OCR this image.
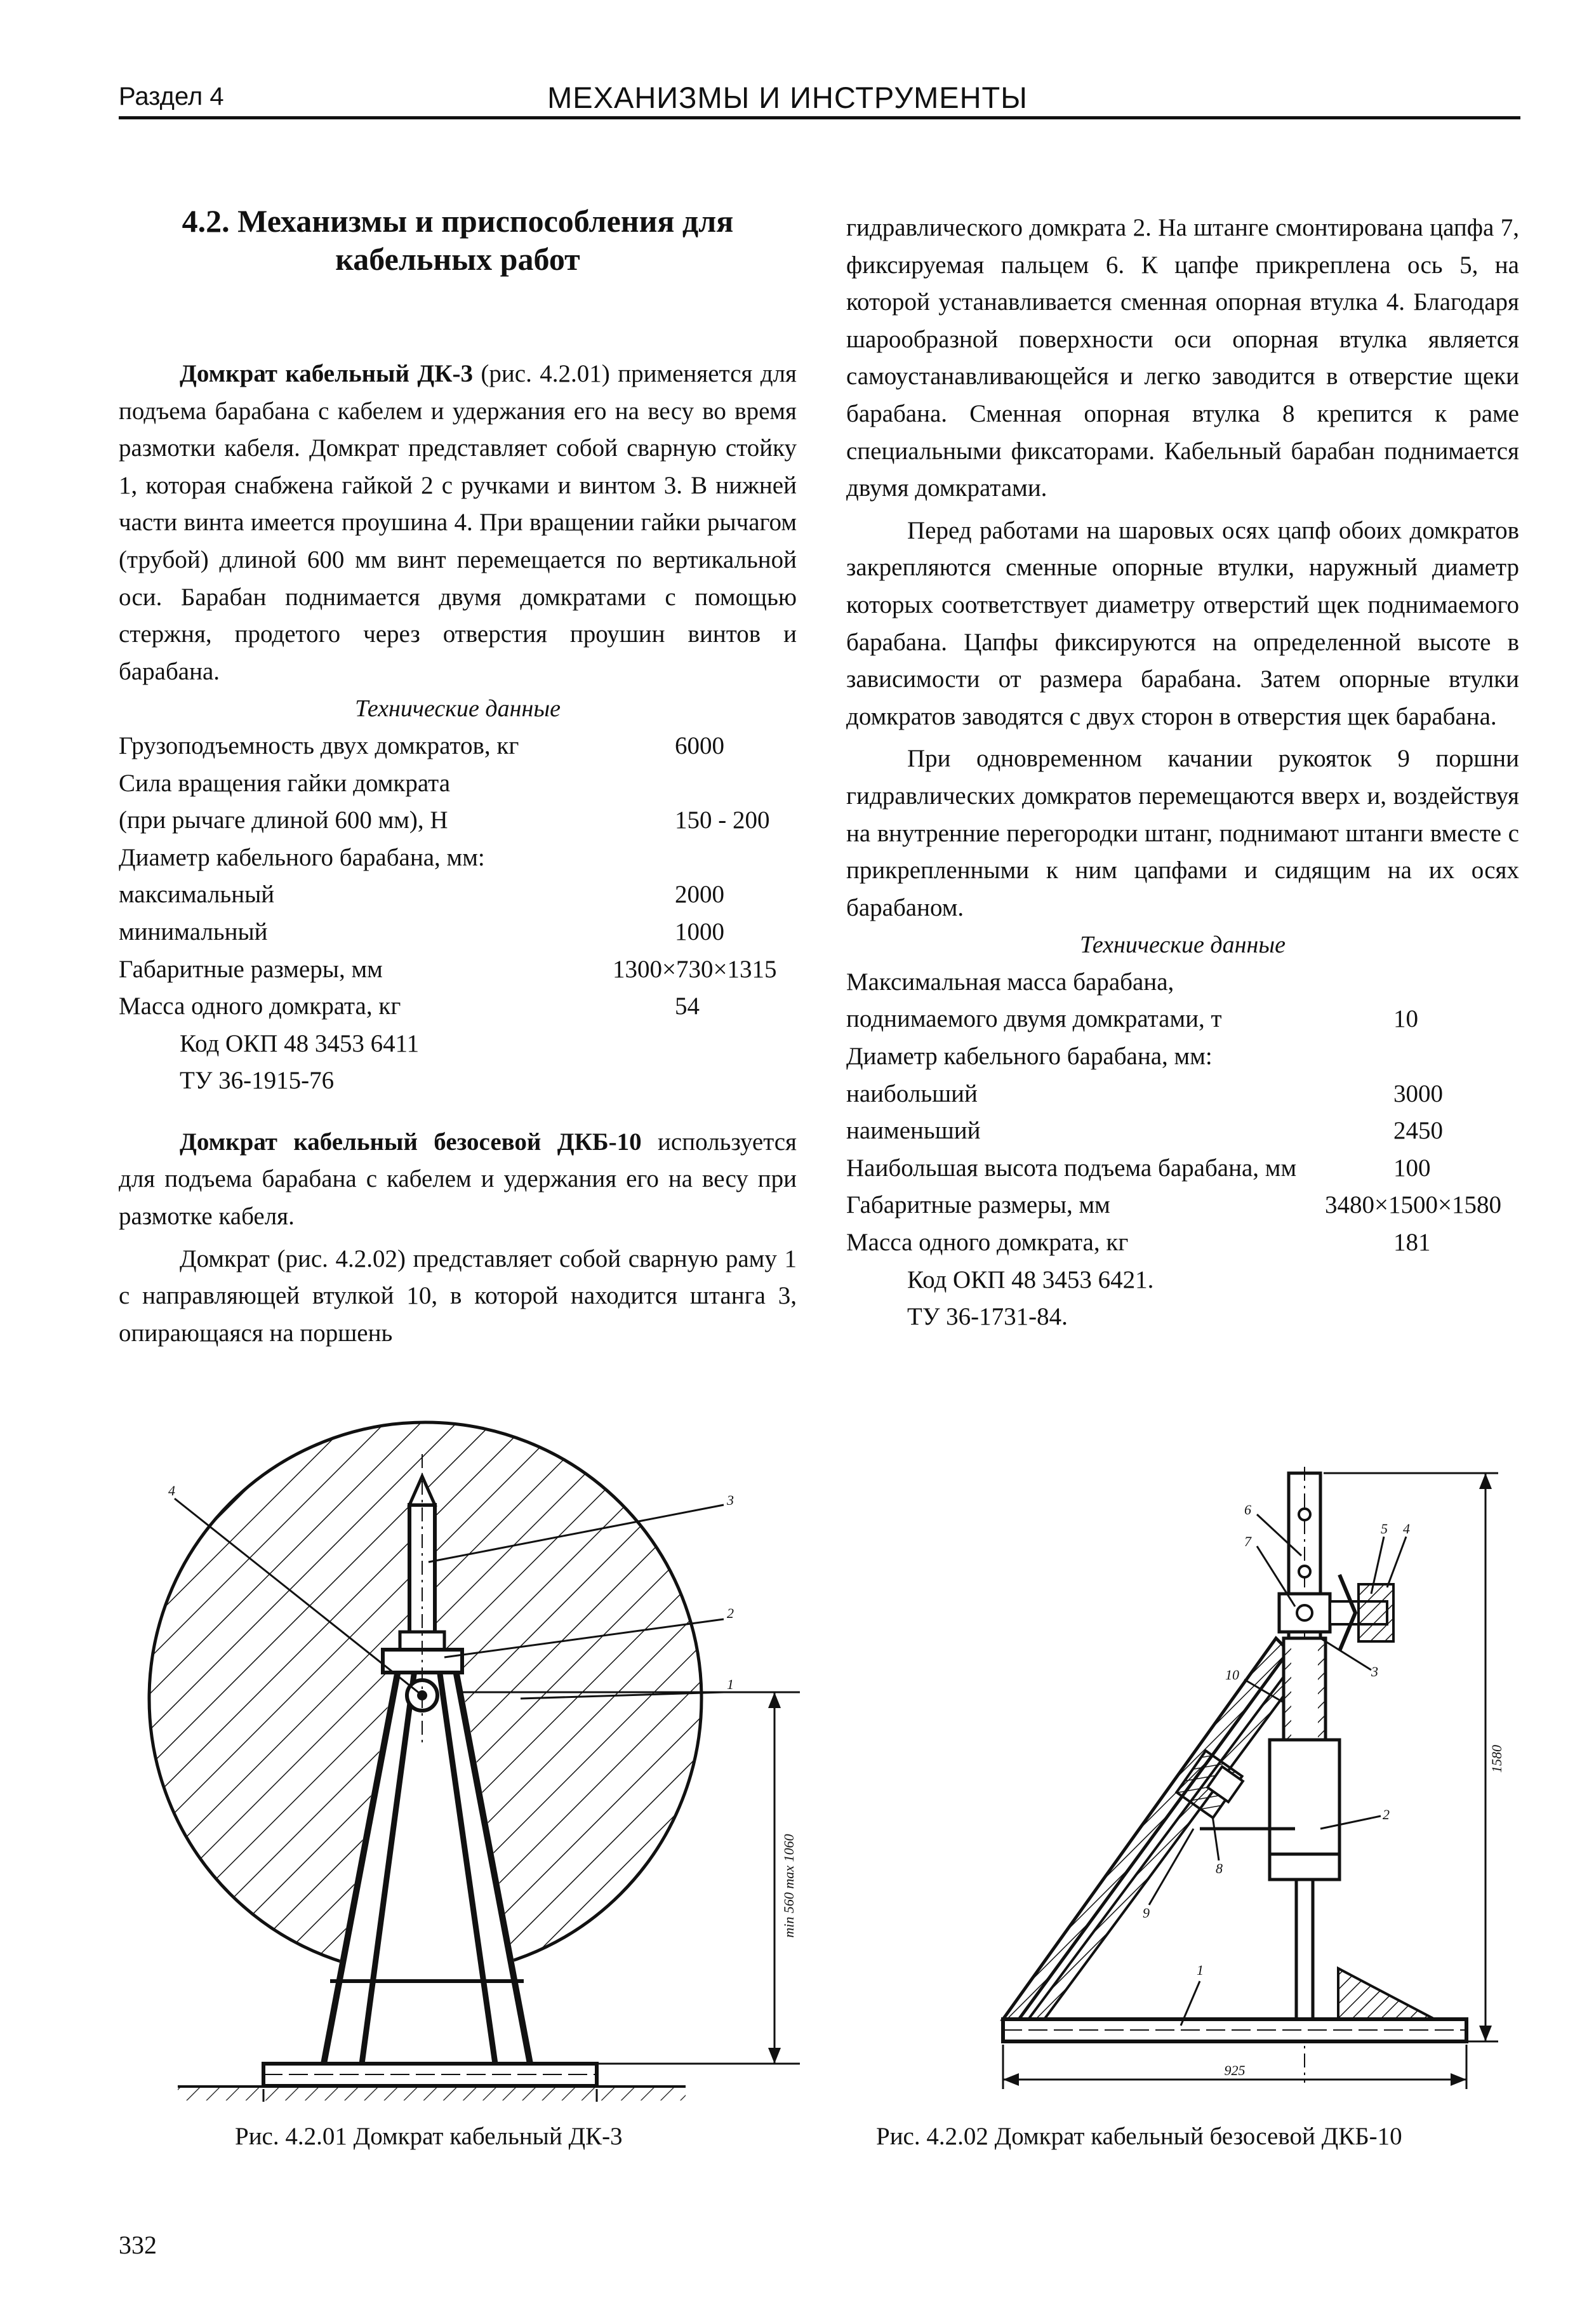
Раздел 4	МЕХАНИЗМЫ И ИНСТРУМЕНТЫ
4.2. Механизмы и приспособления для
кабельных работ

Домкрат кабельный ДК-3 (рис. 4.2.01) применяется для подъема барабана с кабелем и удержания его на весу во время размотки кабеля. Домкрат представляет собой сварную стойку 1, которая снабжена гайкой 2 с ручками и винтом 3. В нижней части винта имеется проушина 4. При вращении гайки рычагом (трубой) длиной 600 мм винт перемещается по вертикальной оси. Барабан поднимается двумя домкратами с помощью стержня, продетого через отверстия проушин винтов и барабана.

Технические данные
Грузоподъемность двух домкратов, кг	6000
Сила вращения гайки домкрата
(при рычаге длиной 600 мм), Н	150 - 200
Диаметр кабельного барабана, мм:
максимальный	2000
минимальный	1000
Габаритные размеры, мм	1300×730×1315
Масса одного домкрата, кг	54
Код ОКП 48 3453 6411
ТУ 36-1915-76

Домкрат кабельный безосевой ДКБ-10 используется для подъема барабана с кабелем и удержания его на весу при размотке кабеля.

Домкрат (рис. 4.2.02) представляет собой сварную раму 1 с направляющей втулкой 10, в которой находится штанга 3, опирающаяся на поршень

гидравлического домкрата 2. На штанге смонтирована цапфа 7, фиксируемая пальцем 6. К цапфе прикреплена ось 5, на которой устанавливается сменная опорная втулка 4. Благодаря шарообразной поверхности оси опорная втулка является самоустанавливающейся и легко заводится в отверстие щеки барабана. Сменная опорная втулка 8 крепится к раме специальными фиксаторами. Кабельный барабан поднимается двумя домкратами.

Перед работами на шаровых осях цапф обоих домкратов закрепляются сменные опорные втулки, наружный диаметр которых соответствует диаметру отверстий щек поднимаемого барабана. Цапфы фиксируются на определенной высоте в зависимости от размера барабана. Затем опорные втулки домкратов заводятся с двух сторон в отверстия щек барабана.

При одновременном качании рукояток 9 поршни гидравлических домкратов перемещаются вверх и, воздействуя на внутренние перегородки штанг, поднимают штанги вместе с прикрепленными к ним цапфами и сидящим на их осях барабаном.

Технические данные
Максимальная масса барабана,
поднимаемого двумя домкратами, т	10
Диаметр кабельного барабана, мм:
наибольший	3000
наименьший	2450
Наибольшая высота подъема барабана, мм	100
Габаритные размеры, мм	3480×1500×1580
Масса одного домкрата, кг	181
Код ОКП 48 3453 6421.
ТУ 36-1731-84.
4
3
2
1
min 560 max 1060
Рис. 4.2.01 Домкрат кабельный ДК-3
6
7
5 4
3
10
2
8
9
1
1580
925
Рис. 4.2.02 Домкрат кабельный безосевой ДКБ-10
332
